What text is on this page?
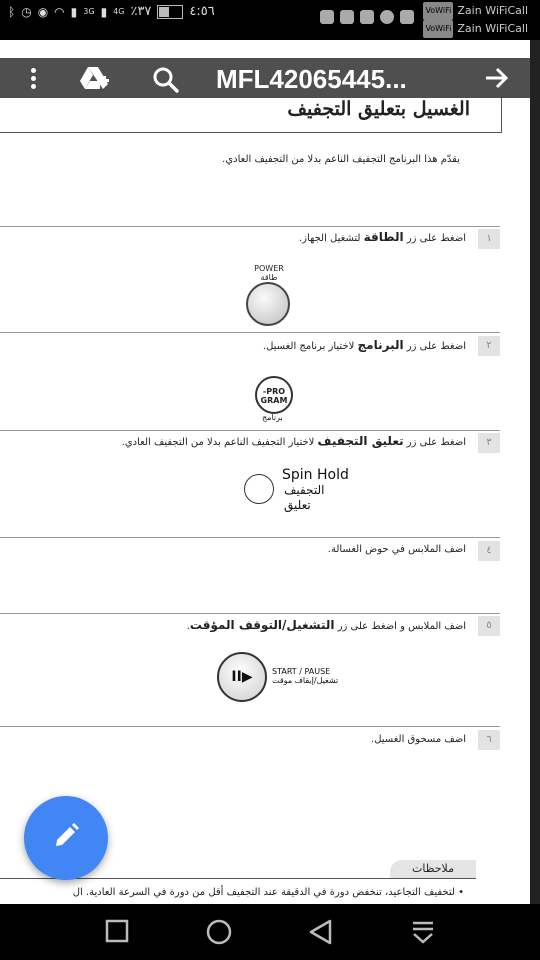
٤:٥٦
٣٧٪
4G
▮
3G
▮
◠
◉
◷
ᛒ	VoWiFi Zain WiFiCall
VoWiFi Zain WiFiCall
الغسيل بتعليق التجفيف
يقدّم هذا البرنامج التجفيف الناعم بدلا من التجفيف العادي.
١
اضغط على زر الطاقة لتشغيل الجهاز.
POWER
طاقة
٢
اضغط على زر البرنامج لاختيار برنامج الغسيل.
PRO-
GRAM
برنامج
٣
اضغط على زر تعليق التجفيف لاختيار التجفيف الناعم بدلا من التجفيف العادي.
Spin Hold
التجفيف
تعليق
٤
اضف الملابس في حوض الغسالة.
٥
اضف الملابس و اضغط على زر التشغيل/التوقف المؤقت.
▶II START / PAUSE
تشغيل/إيقاف موقت
٦
اضف مسحوق الغسيل.
ملاحظات
• لتخفيف التجاعيد، تنخفض دورة في الدقيقة عند التجفيف أقل من دورة في السرعة العادية. ال
MFL42065445...
